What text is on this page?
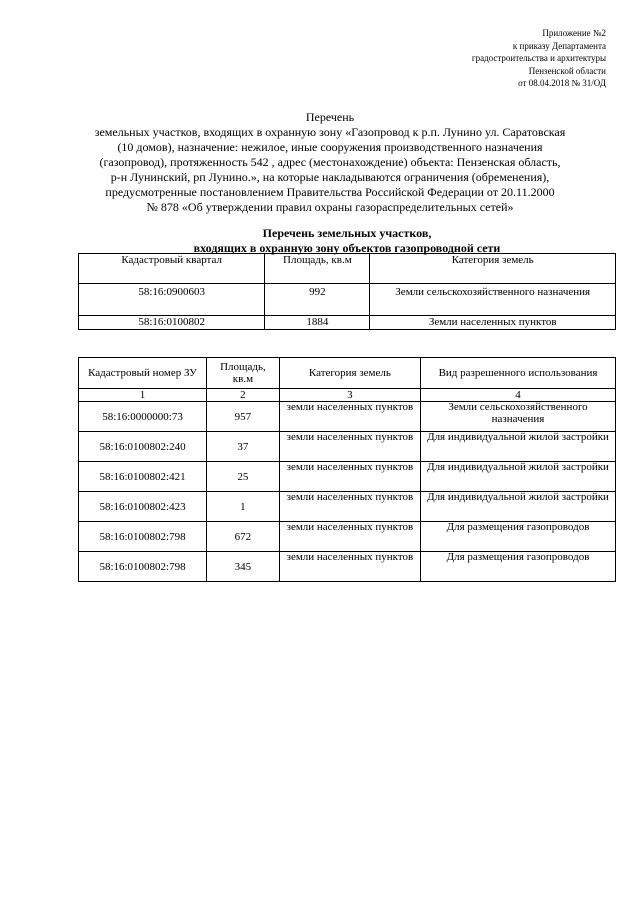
Приложение №2
к приказу Департамента
градостроительства и архитектуры
Пензенской области
от 08.04.2018 № 31/ОД
Перечень
земельных участков, входящих в охранную зону «Газопровод к р.п. Лунино ул. Саратовская
(10 домов), назначение: нежилое, иные сооружения производственного назначения
(газопровод), протяженность 542 , адрес (местонахождение) объекта: Пензенская область,
р-н Лунинский, рп Лунино.», на которые накладываются ограничения (обременения),
предусмотренные постановлением Правительства Российской Федерации от 20.11.2000
№ 878 «Об утверждении правил охраны газораспределительных сетей»
Перечень земельных участков,
входящих в охранную зону объектов газопроводной сети
Кадастровый квартал	Площадь, кв.м	Категория земель
58:16:0900603	992	Земли сельскохозяйственного назначения
58:16:0100802	1884	Земли населенных пунктов
Кадастровый номер ЗУ	Площадь, кв.м	Категория земель	Вид разрешенного использования
1	2	3	4
58:16:0000000:73	957	земли населенных пунктов	Земли сельскохозяйственного назначения
58:16:0100802:240	37	земли населенных пунктов	Для индивидуальной жилой застройки
58:16:0100802:421	25	земли населенных пунктов	Для индивидуальной жилой застройки
58:16:0100802:423	1	земли населенных пунктов	Для индивидуальной жилой застройки
58:16:0100802:798	672	земли населенных пунктов	Для размещения газопроводов
58:16:0100802:798	345	земли населенных пунктов	Для размещения газопроводов
